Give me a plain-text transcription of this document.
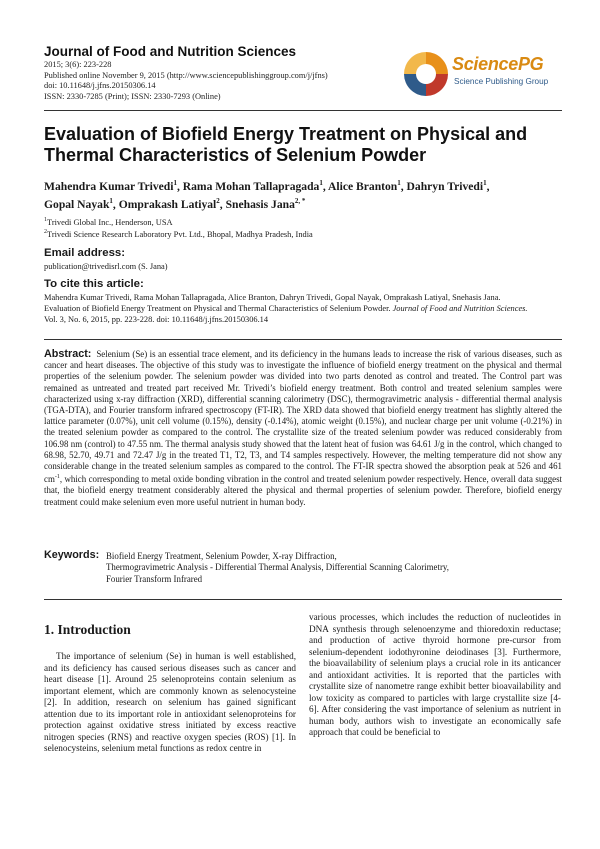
Journal of Food and Nutrition Sciences
2015; 3(6): 223-228
Published online November 9, 2015 (http://www.sciencepublishinggroup.com/j/jfns)
doi: 10.11648/j.jfns.20150306.14
ISSN: 2330-7285 (Print); ISSN: 2330-7293 (Online)
SciencePG
Science Publishing Group
Evaluation of Biofield Energy Treatment on Physical and
Thermal Characteristics of Selenium Powder
Mahendra Kumar Trivedi$^1$, Rama Mohan Tallapragada$^1$, Alice Branton$^1$, Dahryn Trivedi$^1$,
Gopal Nayak$^1$, Omprakash Latiyal$^2$, Snehasis Jana$^{2, *}$
$^1$Trivedi Global Inc., Henderson, USA
$^2$Trivedi Science Research Laboratory Pvt. Ltd., Bhopal, Madhya Pradesh, India
Email address:
publication@trivedisrl.com (S. Jana)
To cite this article:
Mahendra Kumar Trivedi, Rama Mohan Tallapragada, Alice Branton, Dahryn Trivedi, Gopal Nayak, Omprakash Latiyal, Snehasis Jana.
Evaluation of Biofield Energy Treatment on Physical and Thermal Characteristics of Selenium Powder. Journal of Food and Nutrition Sciences.
Vol. 3, No. 6, 2015, pp. 223-228. doi: 10.11648/j.jfns.20150306.14
Abstract: Selenium (Se) is an essential trace element, and its deficiency in the humans leads to increase the risk of various diseases, such as cancer and heart diseases. The objective of this study was to investigate the influence of biofield energy treatment on the physical and thermal properties of the selenium powder. The selenium powder was divided into two parts denoted as control and treated. The Control part was remained as untreated and treated part received Mr. Trivedi’s biofield energy treatment. Both control and treated selenium samples were characterized using x-ray diffraction (XRD), differential scanning calorimetry (DSC), thermogravimetric analysis - differential thermal analysis (TGA-DTA), and Fourier transform infrared spectroscopy (FT-IR). The XRD data showed that biofield energy treatment has slightly altered the lattice parameter (0.07%), unit cell volume (0.15%), density (-0.14%), atomic weight (0.15%), and nuclear charge per unit volume (-0.21%) in the treated selenium powder as compared to the control. The crystallite size of the treated selenium powder was reduced considerably from 106.98 nm (control) to 47.55 nm. The thermal analysis study showed that the latent heat of fusion was 64.61 J/g in the control, which changed to 68.98, 52.70, 49.71 and 72.47 J/g in the treated T1, T2, T3, and T4 samples respectively. However, the melting temperature did not show any considerable change in the treated selenium samples as compared to the control. The FT-IR spectra showed the absorption peak at 526 and 461 $cm^{-1}$, which corresponding to metal oxide bonding vibration in the control and treated selenium powder respectively. Hence, overall data suggest that, the biofield energy treatment considerably altered the physical and thermal properties of selenium powder. Therefore, biofield energy treatment could make selenium even more useful nutrient in human body.
Keywords: Biofield Energy Treatment, Selenium Powder, X-ray Diffraction,
Thermogravimetric Analysis - Differential Thermal Analysis, Differential Scanning Calorimetry,
Fourier Transform Infrared
1. Introduction
The importance of selenium (Se) in human is well established, and its deficiency has caused serious diseases such as cancer and heart disease [1]. Around 25 selenoproteins contain selenium as important element, which are commonly known as selenocysteine [2]. In addition, research on selenium has gained significant attention due to its important role in antioxidant selenoproteins for protection against oxidative stress initiated by excess reactive nitrogen species (RNS) and reactive oxygen species (ROS) [1]. In selenocysteins, selenium metal functions as redox centre in
various processes, which includes the reduction of nucleotides in DNA synthesis through selenoenzyme and thioredoxin reductase; and production of active thyroid hormone pre-cursor from selenium-dependent iodothyronine deiodinases [3]. Furthermore, the bioavailability of selenium plays a crucial role in its anticancer and antioxidant activities. It is reported that the particles with crystallite size of nanometre range exhibit better bioavailability and low toxicity as compared to particles with large crystallite size [4-6]. After considering the vast importance of selenium as nutrient in human body, authors wish to investigate an economically safe approach that could be beneficial to
